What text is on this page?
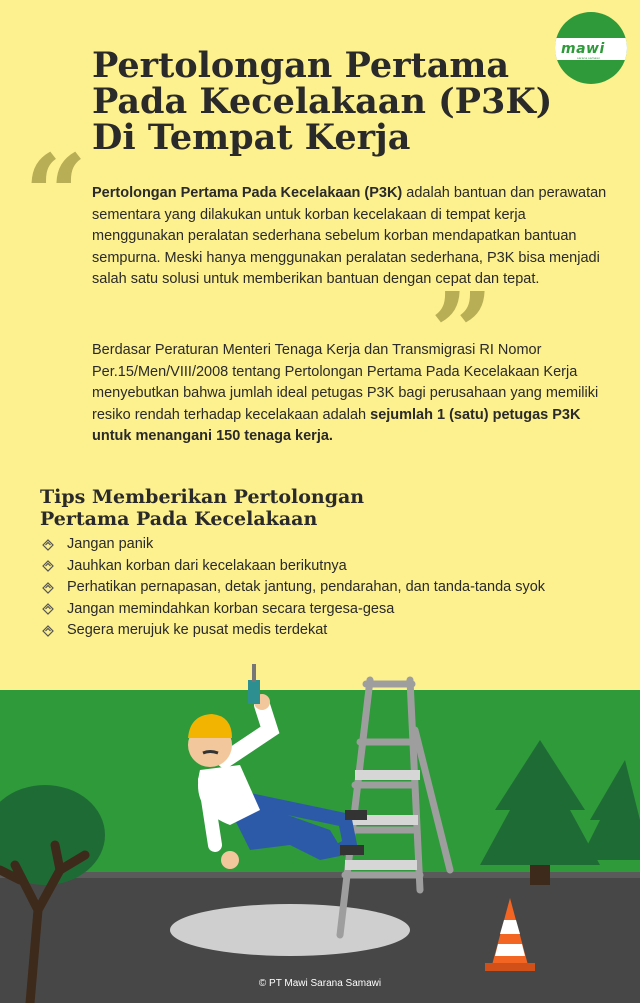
mawi
sarana samawi
Pertolongan Pertama
Pada Kecelakaan (P3K)
Di Tempat Kerja
“
”

Pertolongan Pertama Pada Kecelakaan (P3K) adalah bantuan dan perawatan sementara yang dilakukan untuk korban kecelakaan di tempat kerja menggunakan peralatan sederhana sebelum korban mendapatkan bantuan sempurna. Meski hanya menggunakan peralatan sederhana, P3K bisa menjadi salah satu solusi untuk memberikan bantuan dengan cepat dan tepat.

Berdasar Peraturan Menteri Tenaga Kerja dan Transmigrasi RI Nomor Per.15/Men/VIII/2008 tentang Pertolongan Pertama Pada Kecelakaan Kerja menyebutkan bahwa jumlah ideal petugas P3K bagi perusahaan yang memiliki resiko rendah terhadap kecelakaan adalah sejumlah 1 (satu) petugas P3K untuk menangani 150 tenaga kerja.

Tips Memberikan Pertolongan
Pertama Pada Kecelakaan
Jangan panik
Jauhkan korban dari kecelakaan berikutnya
Perhatikan pernapasan, detak jantung, pendarahan, dan tanda-tanda syok
Jangan memindahkan korban secara tergesa-gesa
Segera merujuk ke pusat medis terdekat
© PT Mawi Sarana Samawi
